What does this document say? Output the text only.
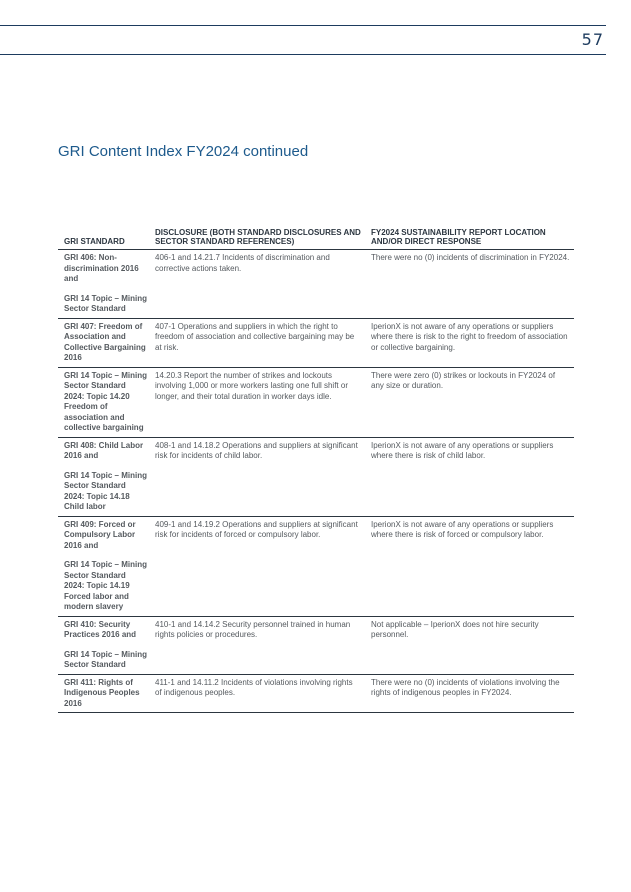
57
GRI Content Index FY2024 continued
GRI STANDARD	DISCLOSURE (BOTH STANDARD DISCLOSURES AND SECTOR STANDARD REFERENCES)	FY2024 SUSTAINABILITY REPORT LOCATION AND/OR DIRECT RESPONSE
GRI 406: Non-discrimination 2016 and
GRI 14 Topic – Mining Sector Standard	406-1 and 14.21.7 Incidents of discrimination and corrective actions taken.	There were no (0) incidents of discrimination in FY2024.
GRI 407: Freedom of Association and Collective Bargaining 2016	407-1 Operations and suppliers in which the right to freedom of association and collective bargaining may be at risk.	IperionX is not aware of any operations or suppliers where there is risk to the right to freedom of association or collective bargaining.
GRI 14 Topic – Mining Sector Standard 2024: Topic 14.20 Freedom of association and collective bargaining	14.20.3 Report the number of strikes and lockouts involving 1,000 or more workers lasting one full shift or longer, and their total duration in worker days idle.	There were zero (0) strikes or lockouts in FY2024 of any size or duration.
GRI 408: Child Labor 2016 and
GRI 14 Topic – Mining Sector Standard 2024: Topic 14.18 Child labor	408-1 and 14.18.2 Operations and suppliers at significant risk for incidents of child labor.	IperionX is not aware of any operations or suppliers where there is risk of child labor.
GRI 409: Forced or Compulsory Labor 2016 and
GRI 14 Topic – Mining Sector Standard 2024: Topic 14.19 Forced labor and modern slavery	409-1 and 14.19.2 Operations and suppliers at significant risk for incidents of forced or compulsory labor.	IperionX is not aware of any operations or suppliers where there is risk of forced or compulsory labor.
GRI 410: Security Practices 2016 and
GRI 14 Topic – Mining Sector Standard	410-1 and 14.14.2 Security personnel trained in human rights policies or procedures.	Not applicable – IperionX does not hire security personnel.
GRI 411: Rights of Indigenous Peoples 2016	411-1 and 14.11.2 Incidents of violations involving rights of indigenous peoples.	There were no (0) incidents of violations involving the rights of indigenous peoples in FY2024.
